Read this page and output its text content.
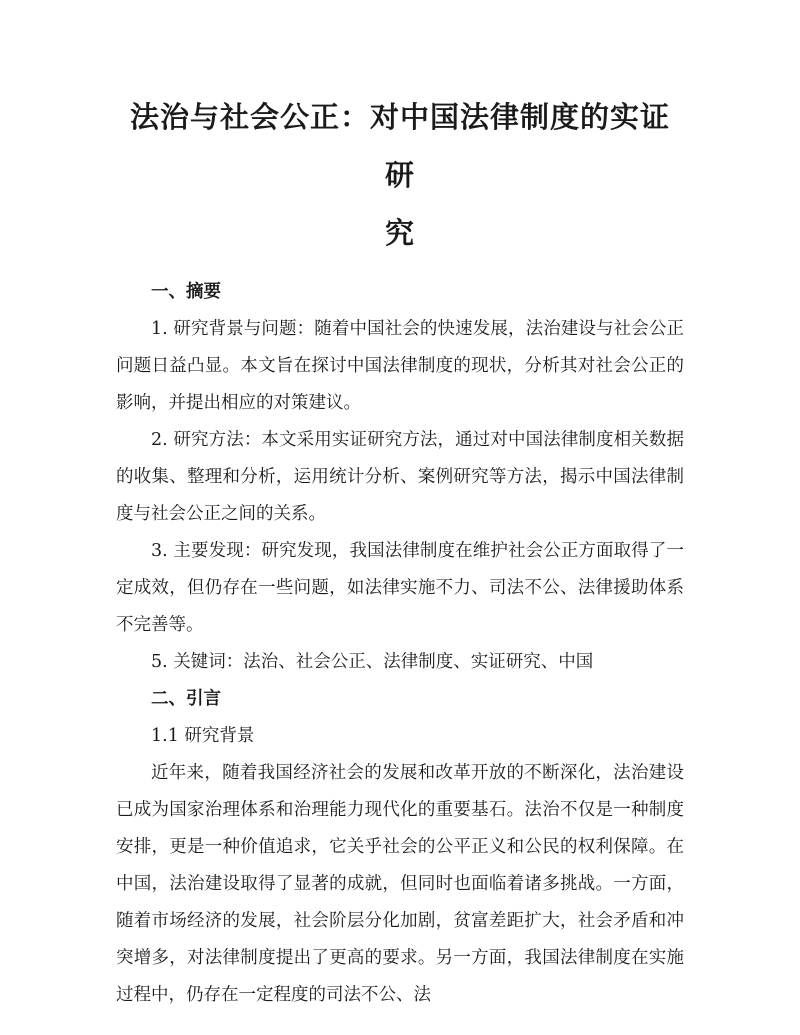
法治与社会公正：对中国法律制度的实证研
究

一、摘要

1. 研究背景与问题：随着中国社会的快速发展，法治建设与社会公正问题日益凸显。本文旨在探讨中国法律制度的现状，分析其对社会公正的影响，并提出相应的对策建议。

2. 研究方法：本文采用实证研究方法，通过对中国法律制度相关数据的收集、整理和分析，运用统计分析、案例研究等方法，揭示中国法律制度与社会公正之间的关系。

3. 主要发现：研究发现，我国法律制度在维护社会公正方面取得了一定成效，但仍存在一些问题，如法律实施不力、司法不公、法律援助体系不完善等。

5. 关键词：法治、社会公正、法律制度、实证研究、中国

二、引言

1.1 研究背景

近年来，随着我国经济社会的发展和改革开放的不断深化，法治建设已成为国家治理体系和治理能力现代化的重要基石。法治不仅是一种制度安排，更是一种价值追求，它关乎社会的公平正义和公民的权利保障。在中国，法治建设取得了显著的成就，但同时也面临着诸多挑战。一方面，随着市场经济的发展，社会阶层分化加剧，贫富差距扩大，社会矛盾和冲突增多，对法律制度提出了更高的要求。另一方面，我国法律制度在实施过程中，仍存在一定程度的司法不公、法
